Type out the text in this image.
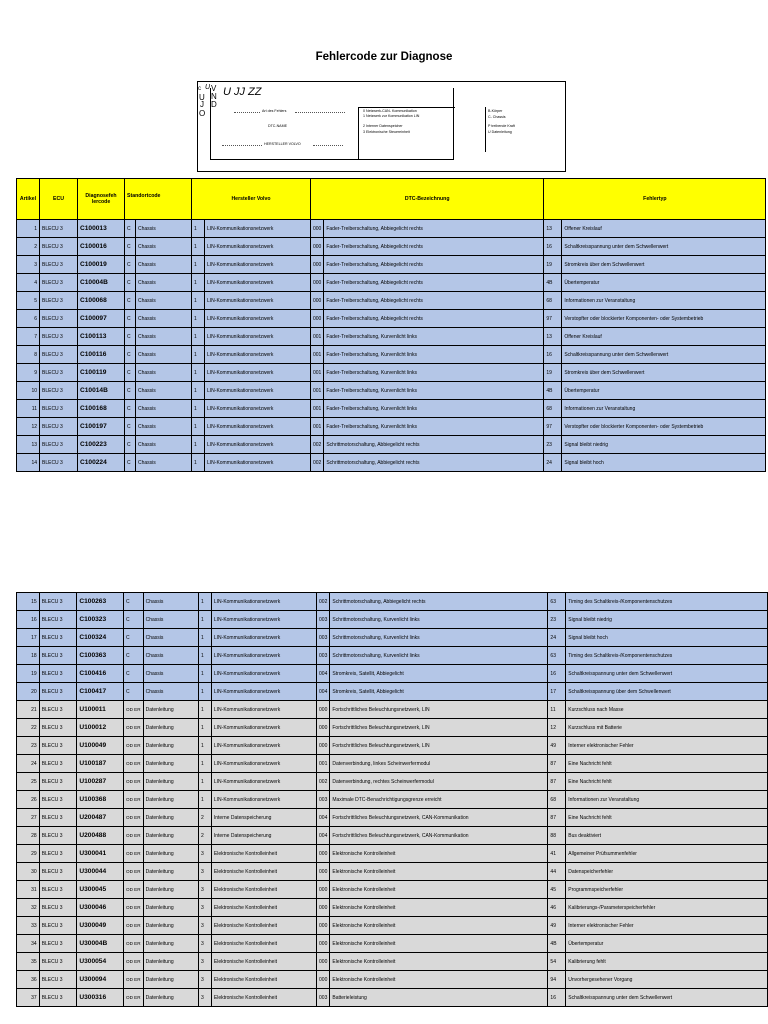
Fehlercode zur Diagnose
c
U
O
U
J
V
N
D
U JJ ZZ
Art des Fehlers
DTC-NAME
HERSTELLER VOLVO
0 Netzwerk-CAN- Kommunikation
1 Netzwerk zur Kommunikation LIN
2 Interner Datenspeicher
3 Elektronische Steuereinheit
B-Körper
C- Chassis
P treibende Kraft
U Datenleitung
Artikel	ECU	Diagnosefeh lercode	Standortcode		Hersteller Volvo		DTC-Bezeichnung		Fehlertyp	
1	BLECU 3	C100013	C	Chassis	1	LIN-Kommunikationsnetzwerk	000	Fader-Treiberschaltung, Abbiegelicht rechts	13	Offener Kreislauf
2	BLECU 3	C100016	C	Chassis	1	LIN-Kommunikationsnetzwerk	000	Fader-Treiberschaltung, Abbiegelicht rechts	16	Schaltkreisspannung unter dem Schwellenwert
3	BLECU 3	C100019	C	Chassis	1	LIN-Kommunikationsnetzwerk	000	Fader-Treiberschaltung, Abbiegelicht rechts	19	Stromkreis über dem Schwellenwert
4	BLECU 3	C10004B	C	Chassis	1	LIN-Kommunikationsnetzwerk	000	Fader-Treiberschaltung, Abbiegelicht rechts	4B	Übertemperatur
5	BLECU 3	C100068	C	Chassis	1	LIN-Kommunikationsnetzwerk	000	Fader-Treiberschaltung, Abbiegelicht rechts	68	Informationen zur Veranstaltung
6	BLECU 3	C100097	C	Chassis	1	LIN-Kommunikationsnetzwerk	000	Fader-Treiberschaltung, Abbiegelicht rechts	97	Verstopfter oder blockierter Komponenten- oder Systembetrieb
7	BLECU 3	C100113	C	Chassis	1	LIN-Kommunikationsnetzwerk	001	Fader-Treiberschaltung, Kurvenlicht links	13	Offener Kreislauf
8	BLECU 3	C100116	C	Chassis	1	LIN-Kommunikationsnetzwerk	001	Fader-Treiberschaltung, Kurvenlicht links	16	Schaltkreisspannung unter dem Schwellenwert
9	BLECU 3	C100119	C	Chassis	1	LIN-Kommunikationsnetzwerk	001	Fader-Treiberschaltung, Kurvenlicht links	19	Stromkreis über dem Schwellenwert
10	BLECU 3	C10014B	C	Chassis	1	LIN-Kommunikationsnetzwerk	001	Fader-Treiberschaltung, Kurvenlicht links	4B	Übertemperatur
11	BLECU 3	C100168	C	Chassis	1	LIN-Kommunikationsnetzwerk	001	Fader-Treiberschaltung, Kurvenlicht links	68	Informationen zur Veranstaltung
12	BLECU 3	C100197	C	Chassis	1	LIN-Kommunikationsnetzwerk	001	Fader-Treiberschaltung, Kurvenlicht links	97	Verstopfter oder blockierter Komponenten- oder Systembetrieb
13	BLECU 3	C100223	C	Chassis	1	LIN-Kommunikationsnetzwerk	002	Schrittmotorschaltung, Abbiegelicht rechts	23	Signal bleibt niedrig
14	BLECU 3	C100224	C	Chassis	1	LIN-Kommunikationsnetzwerk	002	Schrittmotorschaltung, Abbiegelicht rechts	24	Signal bleibt hoch
15	BLECU 3	C100263	C	Chassis	1	LIN-Kommunikationsnetzwerk	002	Schrittmotorschaltung, Abbiegelicht rechts	63	Timing des Schaltkreis-/Komponentenschutzes
16	BLECU 3	C100323	C	Chassis	1	LIN-Kommunikationsnetzwerk	003	Schrittmotorschaltung, Kurvenlicht links	23	Signal bleibt niedrig
17	BLECU 3	C100324	C	Chassis	1	LIN-Kommunikationsnetzwerk	003	Schrittmotorschaltung, Kurvenlicht links	24	Signal bleibt hoch
18	BLECU 3	C100363	C	Chassis	1	LIN-Kommunikationsnetzwerk	003	Schrittmotorschaltung, Kurvenlicht links	63	Timing des Schaltkreis-/Komponentenschutzes
19	BLECU 3	C100416	C	Chassis	1	LIN-Kommunikationsnetzwerk	004	Stromkreis, Satellit, Abbiegelicht	16	Schaltkreisspannung unter dem Schwellenwert
20	BLECU 3	C100417	C	Chassis	1	LIN-Kommunikationsnetzwerk	004	Stromkreis, Satellit, Abbiegelicht	17	Schaltkreisspannung über dem Schwellenwert
21	BLECU 3	U100011	OD ER	Datenleitung	1	LIN-Kommunikationsnetzwerk	000	Fortschrittliches Beleuchtungsnetzwerk, LIN	11	Kurzschluss nach Masse
22	BLECU 3	U100012	OD ER	Datenleitung	1	LIN-Kommunikationsnetzwerk	000	Fortschrittliches Beleuchtungsnetzwerk, LIN	12	Kurzschluss mit Batterie
23	BLECU 3	U100049	OD ER	Datenleitung	1	LIN-Kommunikationsnetzwerk	000	Fortschrittliches Beleuchtungsnetzwerk, LIN	49	Interner elektronischer Fehler
24	BLECU 3	U100187	OD ER	Datenleitung	1	LIN-Kommunikationsnetzwerk	001	Datenverbindung, linkes Scheinwerfermodul	87	Eine Nachricht fehlt
25	BLECU 3	U100287	OD ER	Datenleitung	1	LIN-Kommunikationsnetzwerk	002	Datenverbindung, rechtes Scheinwerfermodul	87	Eine Nachricht fehlt
26	BLECU 3	U100368	OD ER	Datenleitung	1	LIN-Kommunikationsnetzwerk	003	Maximale DTC-Benachrichtigungsgrenze erreicht	68	Informationen zur Veranstaltung
27	BLECU 3	U200487	OD ER	Datenleitung	2	Interne Datenspeicherung	004	Fortschrittliches Beleuchtungsnetzwerk, CAN-Kommunikation	87	Eine Nachricht fehlt
28	BLECU 3	U200488	OD ER	Datenleitung	2	Interne Datenspeicherung	004	Fortschrittliches Beleuchtungsnetzwerk, CAN-Kommunikation	88	Bus deaktiviert
29	BLECU 3	U300041	OD ER	Datenleitung	3	Elektronische Kontrolleinheit	000	Elektronische Kontrolleinheit	41	Allgemeiner Prüfsummenfehler
30	BLECU 3	U300044	OD ER	Datenleitung	3	Elektronische Kontrolleinheit	000	Elektronische Kontrolleinheit	44	Datenspeicherfehler
31	BLECU 3	U300045	OD ER	Datenleitung	3	Elektronische Kontrolleinheit	000	Elektronische Kontrolleinheit	45	Programmspeicherfehler
32	BLECU 3	U300046	OD ER	Datenleitung	3	Elektronische Kontrolleinheit	000	Elektronische Kontrolleinheit	46	Kalibrierungs-/Parameterspeicherfehler
33	BLECU 3	U300049	OD ER	Datenleitung	3	Elektronische Kontrolleinheit	000	Elektronische Kontrolleinheit	49	Interner elektronischer Fehler
34	BLECU 3	U30004B	OD ER	Datenleitung	3	Elektronische Kontrolleinheit	000	Elektronische Kontrolleinheit	4B	Übertemperatur
35	BLECU 3	U300054	OD ER	Datenleitung	3	Elektronische Kontrolleinheit	000	Elektronische Kontrolleinheit	54	Kalibrierung fehlt
36	BLECU 3	U300094	OD ER	Datenleitung	3	Elektronische Kontrolleinheit	000	Elektronische Kontrolleinheit	94	Unvorhergesehener Vorgang
37	BLECU 3	U300316	OD ER	Datenleitung	3	Elektronische Kontrolleinheit	003	Batterieleistung	16	Schaltkreisspannung unter dem Schwellenwert
